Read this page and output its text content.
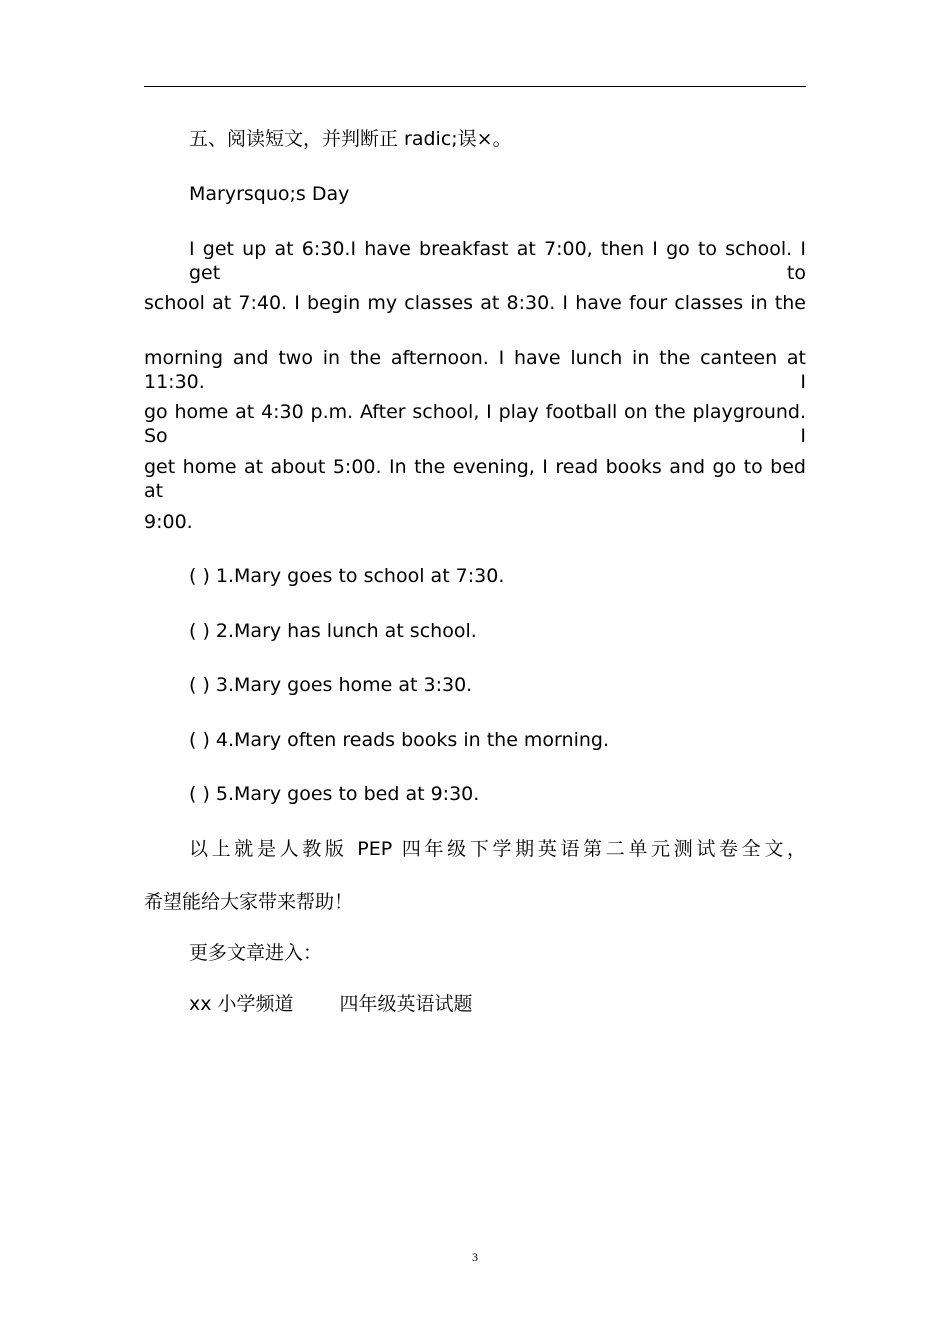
五、阅读短文，并判断正 radic;误×。
Maryrsquo;s Day
I get up at 6:30.I have breakfast at 7:00, then I go to school. I get to
school at 7:40. I begin my classes at 8:30. I have four classes in the
morning and two in the afternoon. I have lunch in the canteen at 11:30. I
go home at 4:30 p.m. After school, I play football on the playground. So I
get home at about 5:00. In the evening, I read books and go to bed at
9:00.
( ) 1.Mary goes to school at 7:30.
( ) 2.Mary has lunch at school.
( ) 3.Mary goes home at 3:30.
( ) 4.Mary often reads books in the morning.
( ) 5.Mary goes to bed at 9:30.
以上就是人教版 PEP 四年级下学期英语第二单元测试卷全文，
希望能给大家带来帮助！
更多文章进入：
xx 小学频道 四年级英语试题
3
